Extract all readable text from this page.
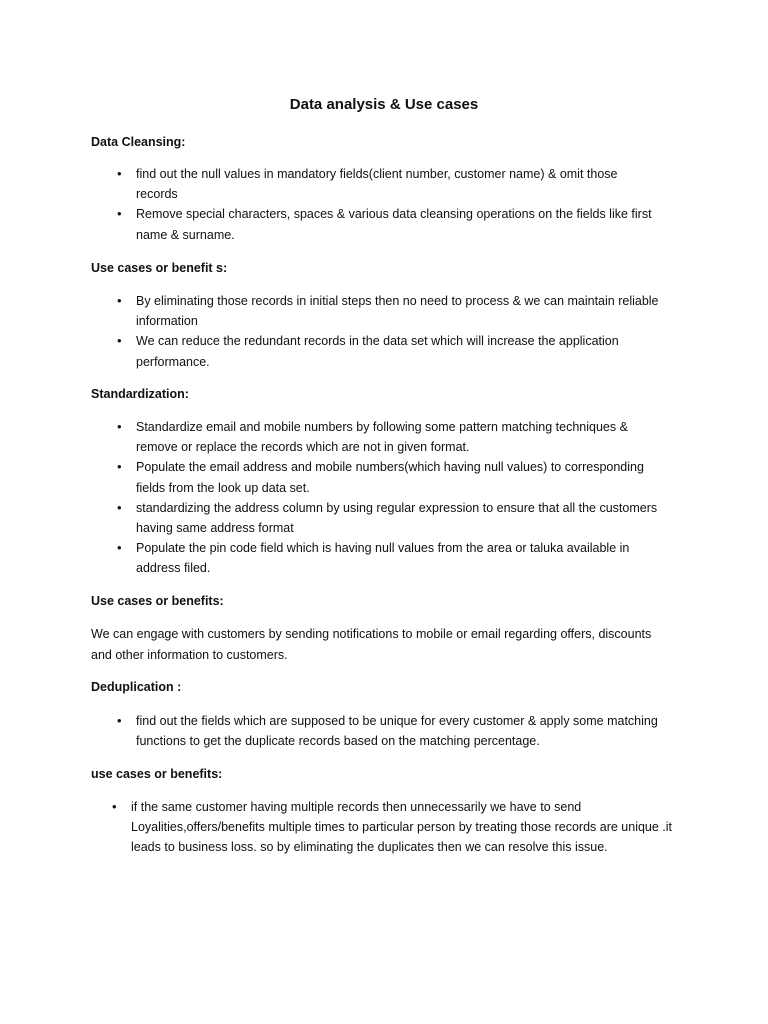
Data analysis & Use cases
Data Cleansing:
• find out the null values in mandatory fields(client number, customer name) & omit those records
• Remove special characters, spaces & various data cleansing operations on the fields like first name & surname.
Use cases or benefit s:
• By eliminating those records in initial steps then no need to process & we can maintain reliable information
• We can reduce the redundant records in the data set which will increase the application performance.
Standardization:
• Standardize email and mobile numbers by following some pattern matching techniques & remove or replace the records which are not in given format.
• Populate the email address and mobile numbers(which having null values) to corresponding fields from the look up data set.
• standardizing the address column by using regular expression to ensure that all the customers having same address format
• Populate the pin code field which is having null values from the area or taluka available in address filed.
Use cases or benefits:
We can engage with customers by sending notifications to mobile or email regarding offers, discounts and other information to customers.
Deduplication :
• find out the fields which are supposed to be unique for every customer & apply some matching functions to get the duplicate records based on the matching percentage.
use cases or benefits:
• if the same customer having multiple records then unnecessarily we have to send Loyalities,offers/benefits multiple times to particular person by treating those records are unique .it leads to business loss. so by eliminating the duplicates then we can resolve this issue.
